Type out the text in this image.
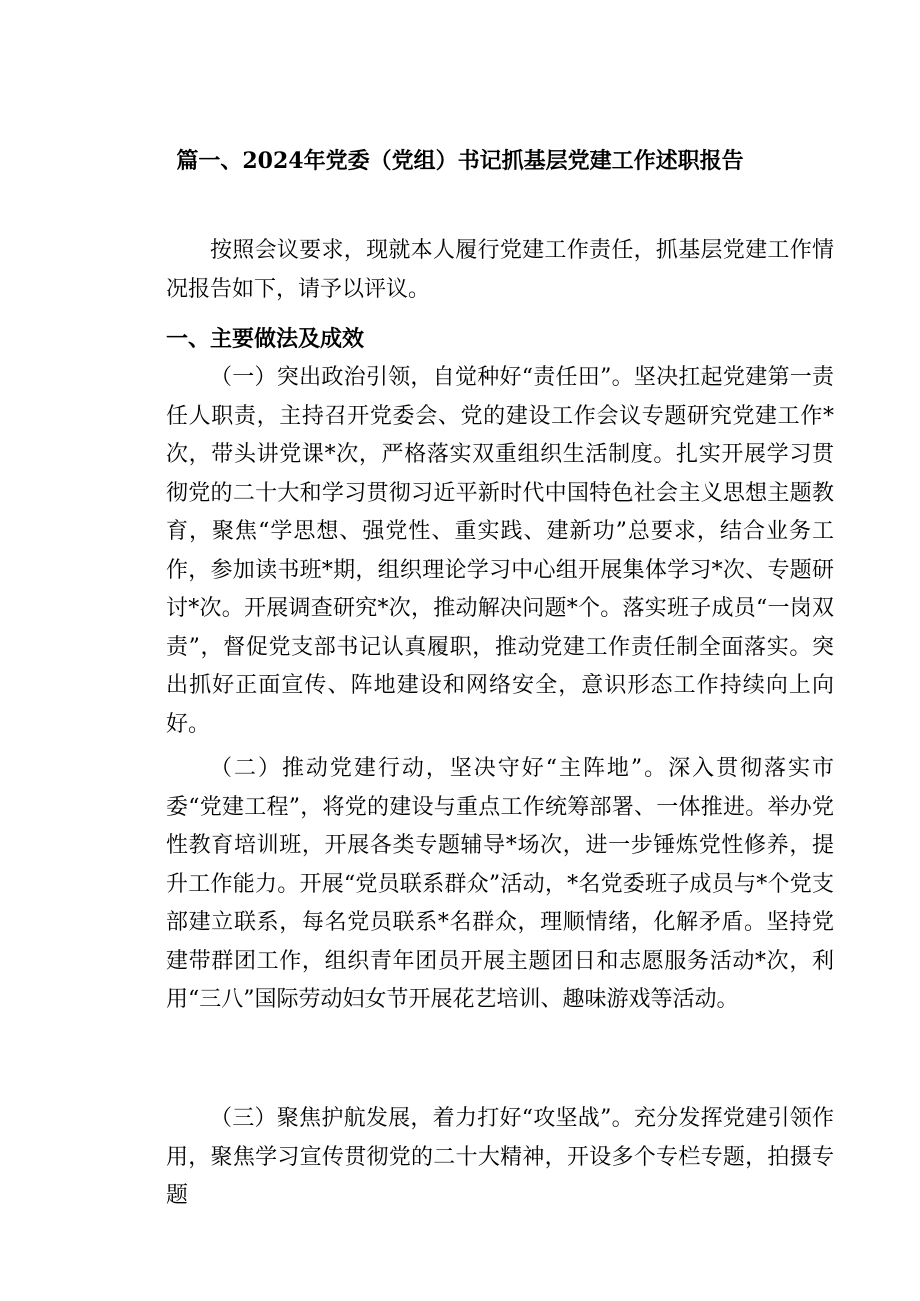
篇一、2024年党委（党组）书记抓基层党建工作述职报告

按照会议要求，现就本人履行党建工作责任，抓基层党建工作情况报告如下，请予以评议。

一、主要做法及成效

（一）突出政治引领，自觉种好“责任田”。坚决扛起党建第一责任人职责，主持召开党委会、党的建设工作会议专题研究党建工作*次，带头讲党课*次，严格落实双重组织生活制度。扎实开展学习贯彻党的二十大和学习贯彻习近平新时代中国特色社会主义思想主题教育，聚焦“学思想、强党性、重实践、建新功”总要求，结合业务工作，参加读书班*期，组织理论学习中心组开展集体学习*次、专题研讨*次。开展调查研究*次，推动解决问题*个。落实班子成员“一岗双责”，督促党支部书记认真履职，推动党建工作责任制全面落实。突出抓好正面宣传、阵地建设和网络安全，意识形态工作持续向上向好。

（二）推动党建行动，坚决守好“主阵地”。深入贯彻落实市委“党建工程”，将党的建设与重点工作统筹部署、一体推进。举办党性教育培训班，开展各类专题辅导*场次，进一步锤炼党性修养，提升工作能力。开展“党员联系群众”活动，*名党委班子成员与*个党支部建立联系，每名党员联系*名群众，理顺情绪，化解矛盾。坚持党建带群团工作，组织青年团员开展主题团日和志愿服务活动*次，利用“三八”国际劳动妇女节开展花艺培训、趣味游戏等活动。

（三）聚焦护航发展，着力打好“攻坚战”。充分发挥党建引领作用，聚焦学习宣传贯彻党的二十大精神，开设多个专栏专题，拍摄专题
